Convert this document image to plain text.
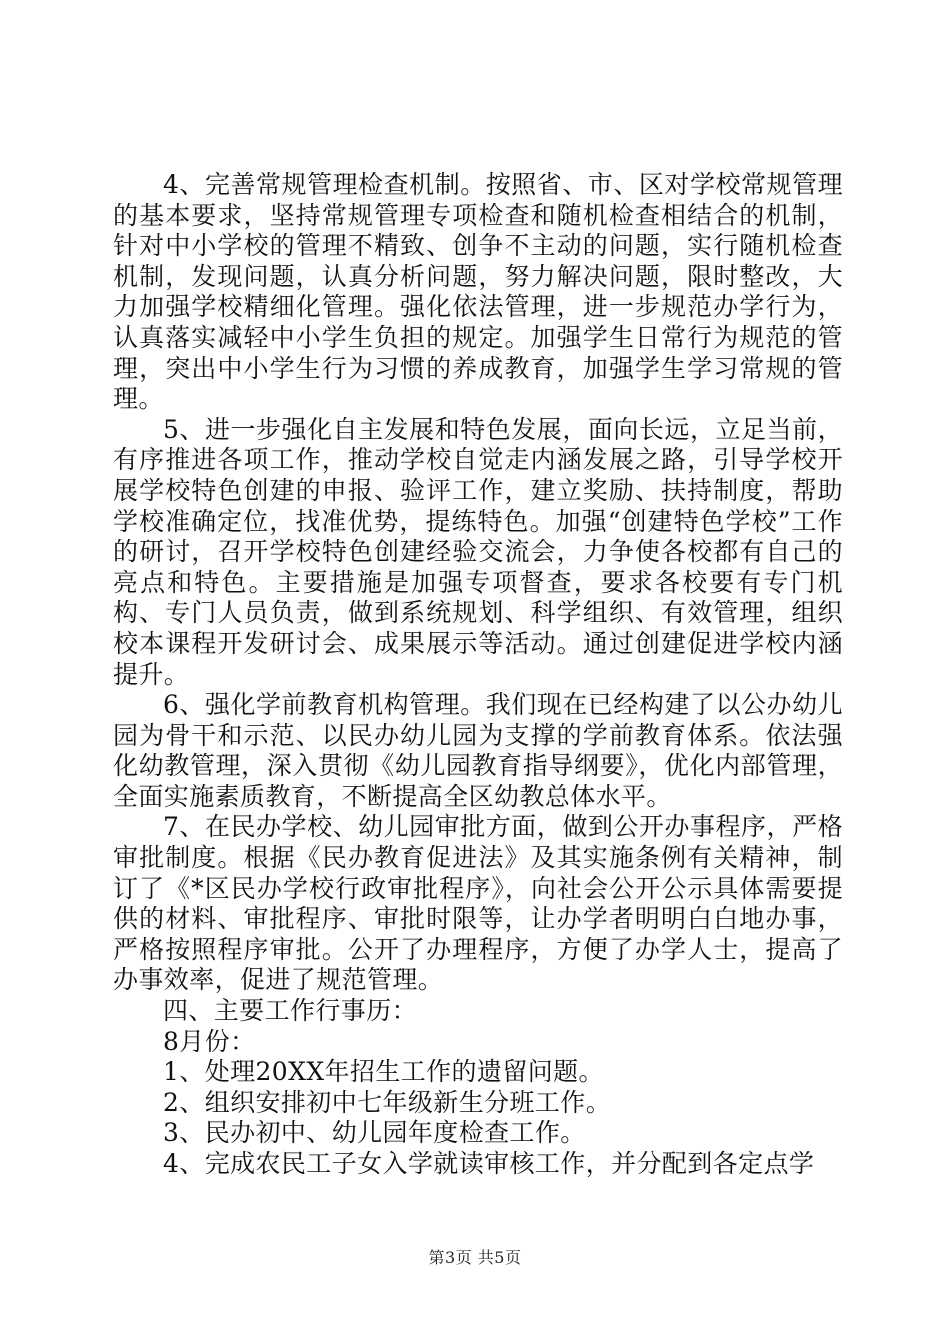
4、完善常规管理检查机制。按照省、市、区对学校常规管理的基本要求，坚持常规管理专项检查和随机检查相结合的机制，针对中小学校的管理不精致、创争不主动的问题，实行随机检查机制，发现问题，认真分析问题，努力解决问题，限时整改，大力加强学校精细化管理。强化依法管理，进一步规范办学行为，认真落实减轻中小学生负担的规定。加强学生日常行为规范的管理，突出中小学生行为习惯的养成教育，加强学生学习常规的管理。

5、进一步强化自主发展和特色发展，面向长远，立足当前，有序推进各项工作，推动学校自觉走内涵发展之路，引导学校开展学校特色创建的申报、验评工作，建立奖励、扶持制度，帮助学校准确定位，找准优势，提练特色。加强“创建特色学校”工作的研讨，召开学校特色创建经验交流会，力争使各校都有自己的亮点和特色。主要措施是加强专项督查，要求各校要有专门机构、专门人员负责，做到系统规划、科学组织、有效管理，组织校本课程开发研讨会、成果展示等活动。通过创建促进学校内涵提升。

6、强化学前教育机构管理。我们现在已经构建了以公办幼儿园为骨干和示范、以民办幼儿园为支撑的学前教育体系。依法强化幼教管理，深入贯彻《幼儿园教育指导纲要》，优化内部管理，全面实施素质教育，不断提高全区幼教总体水平。

7、在民办学校、幼儿园审批方面，做到公开办事程序，严格审批制度。根据《民办教育促进法》及其实施条例有关精神，制订了《*区民办学校行政审批程序》，向社会公开公示具体需要提供的材料、审批程序、审批时限等，让办学者明明白白地办事，严格按照程序审批。公开了办理程序，方便了办学人士，提高了办事效率，促进了规范管理。

四、主要工作行事历：

8月份：

1、处理20XX年招生工作的遗留问题。

2、组织安排初中七年级新生分班工作。

3、民办初中、幼儿园年度检查工作。

4、完成农民工子女入学就读审核工作，并分配到各定点学

第3页 共5页
